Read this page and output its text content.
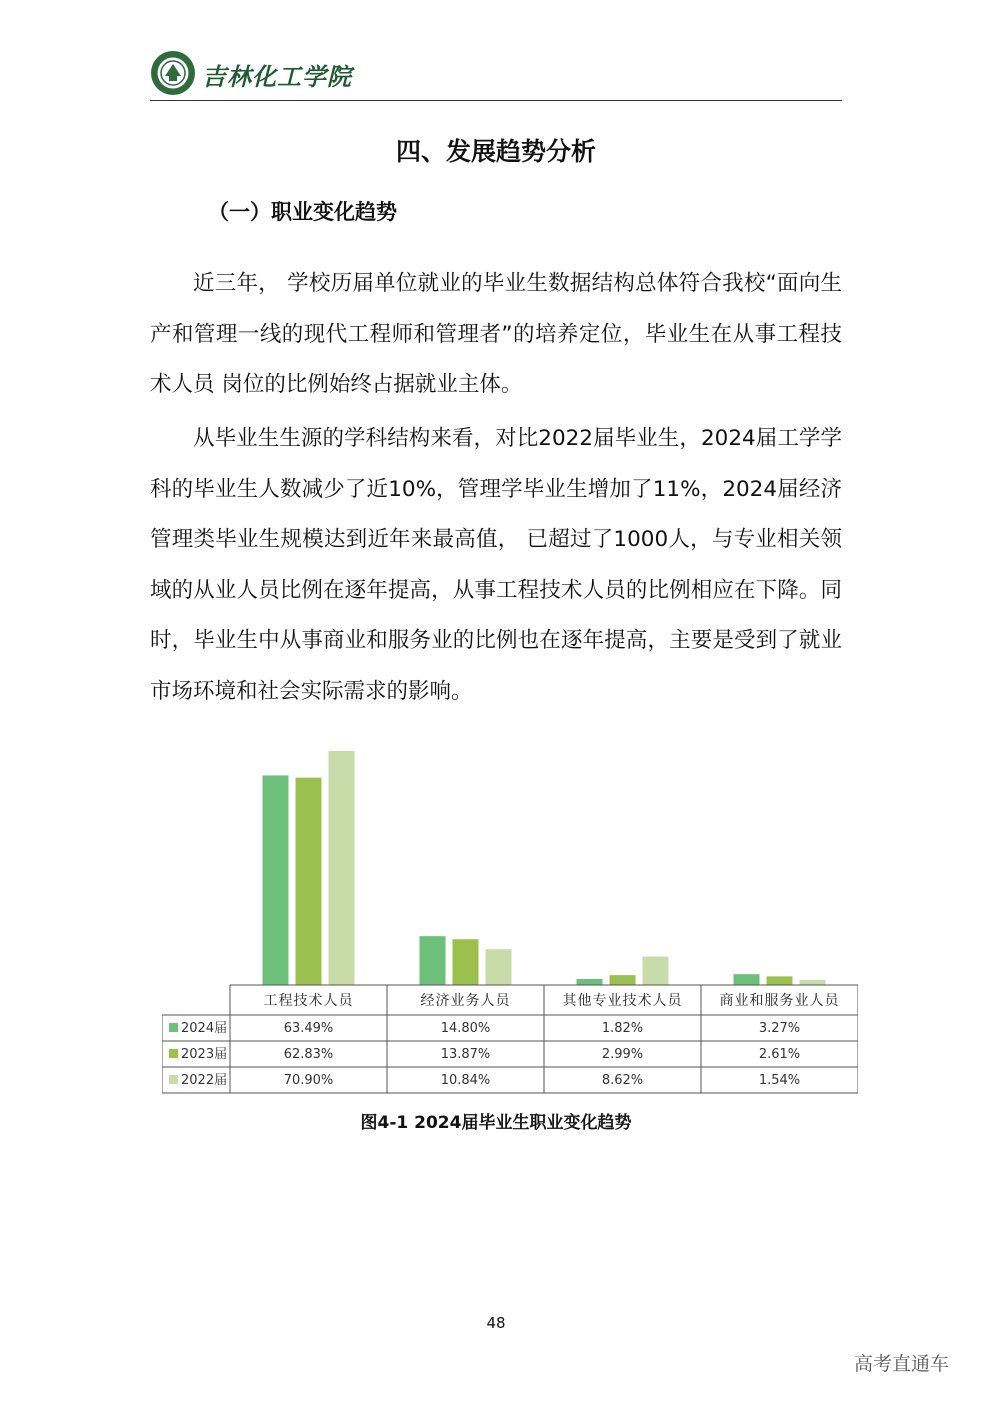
吉林化工学院
四、发展趋势分析
（一）职业变化趋势

近三年， 学校历届单位就业的毕业生数据结构总体符合我校“面向生产和管理一线的现代工程师和管理者”的培养定位，毕业生在从事工程技术人员 岗位的比例始终占据就业主体。

从毕业生生源的学科结构来看，对比2022届毕业生，2024届工学学科的毕业生人数减少了近10%，管理学毕业生增加了11%，2024届经济管理类毕业生规模达到近年来最高值， 已超过了1000人，与专业相关领域的从业人员比例在逐年提高，从事工程技术人员的比例相应在下降。同时，毕业生中从事商业和服务业的比例也在逐年提高，主要是受到了就业市场环境和社会实际需求的影响。

工程技术人员	经济业务人员	其他专业技术人员	商业和服务业人员
2024届	63.49%	14.80%	1.82%	3.27%
2023届	62.83%	13.87%	2.99%	2.61%
2022届	70.90%	10.84%	8.62%	1.54%
图4-1 2024届毕业生职业变化趋势
48
高考直通车
